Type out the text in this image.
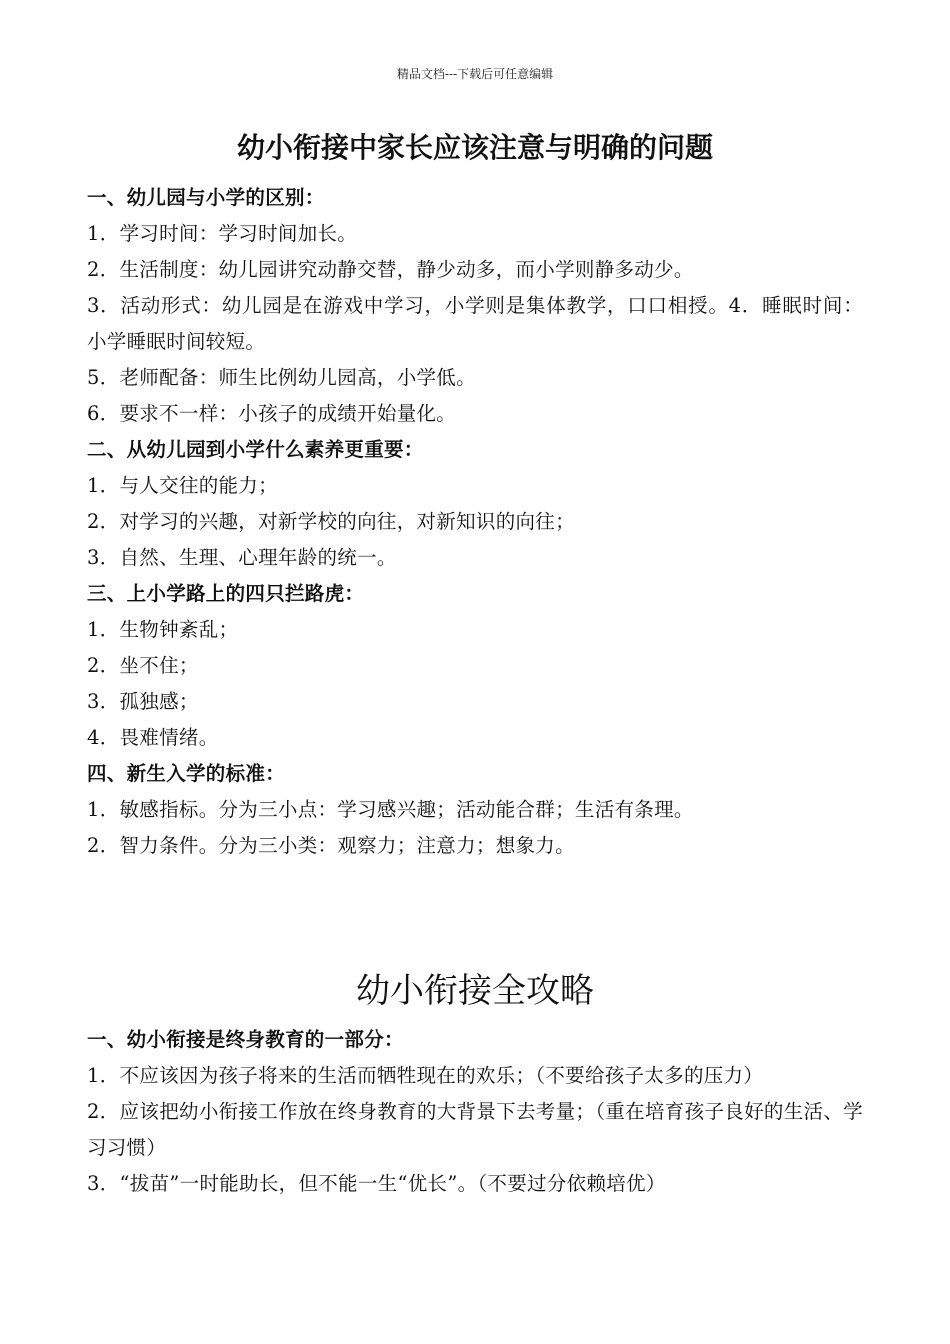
精品文档---下载后可任意编辑
幼小衔接中家长应该注意与明确的问题
一、幼儿园与小学的区别：
1．学习时间：学习时间加长。
2．生活制度：幼儿园讲究动静交替，静少动多，而小学则静多动少。
3．活动形式：幼儿园是在游戏中学习，小学则是集体教学，口口相授。4．睡眠时间：小学睡眠时间较短。
5．老师配备：师生比例幼儿园高，小学低。
6．要求不一样：小孩子的成绩开始量化。
二、从幼儿园到小学什么素养更重要：
1．与人交往的能力；
2．对学习的兴趣，对新学校的向往，对新知识的向往；
3．自然、生理、心理年龄的统一。
三、上小学路上的四只拦路虎：
1．生物钟紊乱；
2．坐不住；
3．孤独感；
4．畏难情绪。
四、新生入学的标准：
1．敏感指标。分为三小点：学习感兴趣；活动能合群；生活有条理。
2．智力条件。分为三小类：观察力；注意力；想象力。
幼小衔接全攻略
一、幼小衔接是终身教育的一部分：
1．不应该因为孩子将来的生活而牺牲现在的欢乐；（不要给孩子太多的压力）
2．应该把幼小衔接工作放在终身教育的大背景下去考量；（重在培育孩子良好的生活、学习习惯）
3．“拔苗”一时能助长，但不能一生“优长”。（不要过分依赖培优）
